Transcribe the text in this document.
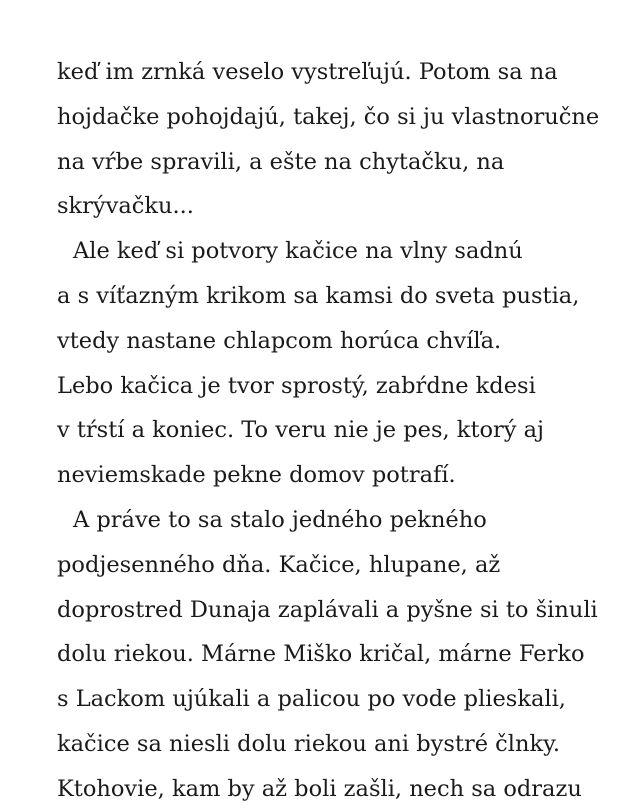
keď im zrnká veselo vystreľujú. Potom sa na
hojdačke pohojdajú, takej, čo si ju vlastnoručne
na vŕbe spravili, a ešte na chytačku, na
skrývačku...
Ale keď si potvory kačice na vlny sadnú
a s víťazným krikom sa kamsi do sveta pustia,
vtedy nastane chlapcom horúca chvíľa.
Lebo kačica je tvor sprostý, zabŕdne kdesi
v tŕstí a koniec. To veru nie je pes, ktorý aj
neviemskade pekne domov potrafí.
A práve to sa stalo jedného pekného
podjesenného dňa. Kačice, hlupane, až
doprostred Dunaja zaplávali a pyšne si to šinuli
dolu riekou. Márne Miško kričal, márne Ferko
s Lackom ujúkali a palicou po vode plieskali,
kačice sa niesli dolu riekou ani bystré člnky.
Ktohovie, kam by až boli zašli, nech sa odrazu
